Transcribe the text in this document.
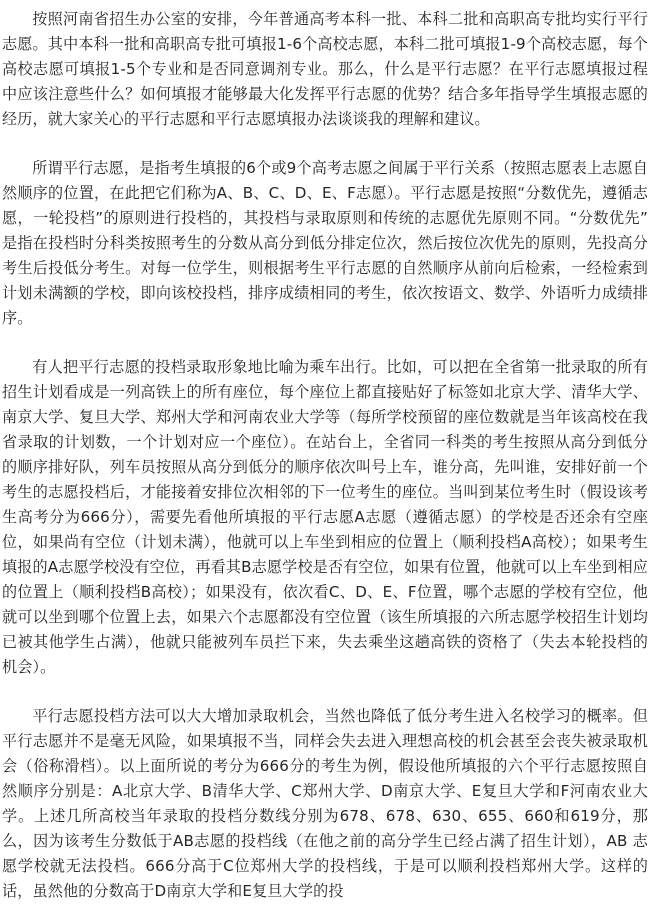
按照河南省招生办公室的安排，今年普通高考本科一批、本科二批和高职高专批均实行平行志愿。其中本科一批和高职高专批可填报1-6个高校志愿，本科二批可填报1-9个高校志愿，每个高校志愿可填报1-5个专业和是否同意调剂专业。那么，什么是平行志愿？在平行志愿填报过程中应该注意些什么？如何填报才能够最大化发挥平行志愿的优势？结合多年指导学生填报志愿的经历，就大家关心的平行志愿和平行志愿填报办法谈谈我的理解和建议。

所谓平行志愿，是指考生填报的6个或9个高考志愿之间属于平行关系（按照志愿表上志愿自然顺序的位置，在此把它们称为A、B、C、D、E、F志愿）。平行志愿是按照“分数优先，遵循志愿，一轮投档”的原则进行投档的，其投档与录取原则和传统的志愿优先原则不同。“分数优先”是指在投档时分科类按照考生的分数从高分到低分排定位次，然后按位次优先的原则，先投高分考生后投低分考生。对每一位学生，则根据考生平行志愿的自然顺序从前向后检索，一经检索到计划未满额的学校，即向该校投档，排序成绩相同的考生，依次按语文、数学、外语听力成绩排序。

有人把平行志愿的投档录取形象地比喻为乘车出行。比如，可以把在全省第一批录取的所有招生计划看成是一列高铁上的所有座位，每个座位上都直接贴好了标签如北京大学、清华大学、南京大学、复旦大学、郑州大学和河南农业大学等（每所学校预留的座位数就是当年该高校在我省录取的计划数，一个计划对应一个座位）。在站台上，全省同一科类的考生按照从高分到低分的顺序排好队，列车员按照从高分到低分的顺序依次叫号上车，谁分高，先叫谁，安排好前一个考生的志愿投档后，才能接着安排位次相邻的下一位考生的座位。当叫到某位考生时（假设该考生高考分为666分），需要先看他所填报的平行志愿A志愿（遵循志愿）的学校是否还余有空座位，如果尚有空位（计划未满），他就可以上车坐到相应的位置上（顺利投档A高校）；如果考生填报的A志愿学校没有空位，再看其B志愿学校是否有空位，如果有位置，他就可以上车坐到相应的位置上（顺利投档B高校）；如果没有，依次看C、D、E、F位置，哪个志愿的学校有空位，他就可以坐到哪个位置上去，如果六个志愿都没有空位置（该生所填报的六所志愿学校招生计划均已被其他学生占满），他就只能被列车员拦下来，失去乘坐这趟高铁的资格了（失去本轮投档的机会）。

平行志愿投档方法可以大大增加录取机会，当然也降低了低分考生进入名校学习的概率。但平行志愿并不是毫无风险，如果填报不当，同样会失去进入理想高校的机会甚至会丧失被录取机会（俗称滑档）。以上面所说的考分为666分的考生为例，假设他所填报的六个平行志愿按照自然顺序分别是：A北京大学、B清华大学、C郑州大学、D南京大学、E复旦大学和F河南农业大学。上述几所高校当年录取的投档分数线分别为678、678、630、655、660和619分，那么，因为该考生分数低于AB志愿的投档线（在他之前的高分学生已经占满了招生计划），AB 志愿学校就无法投档。666分高于C位郑州大学的投档线，于是可以顺利投档郑州大学。这样的话，虽然他的分数高于D南京大学和E复旦大学的投
